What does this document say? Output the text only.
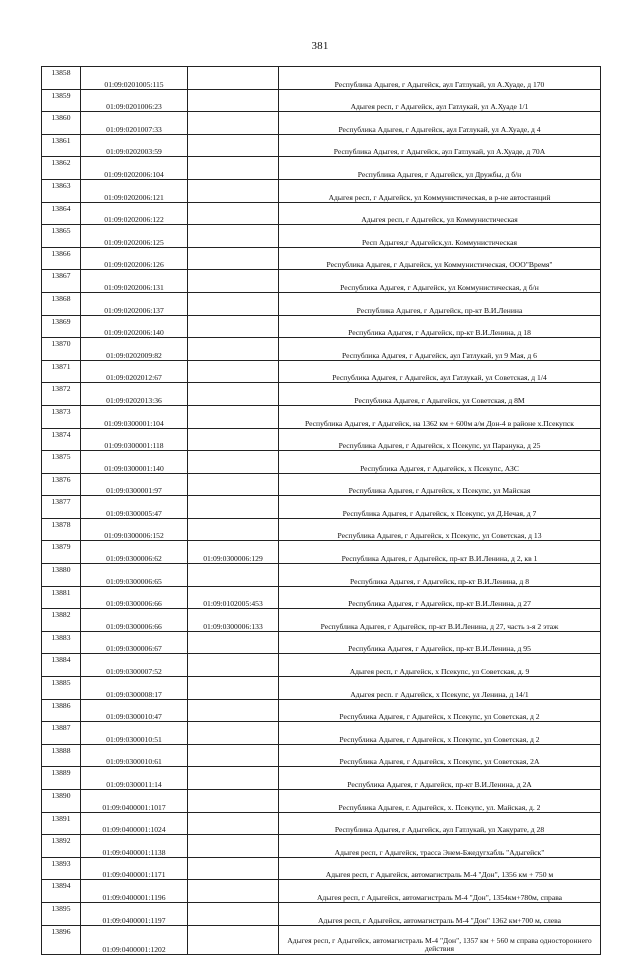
381
13858	01:09:0201005:115		Республика Адыгея, г Адыгейск, аул Гатлукай, ул А.Хуаде, д 170
13859	01:09:0201006:23		Адыгея респ, г Адыгейск, аул Гатлукай, ул А.Хуаде 1/1
13860	01:09:0201007:33		Республика Адыгея, г Адыгейск, аул Гатлукай, ул А.Хуаде, д 4
13861	01:09:0202003:59		Республика Адыгея, г Адыгейск, аул Гатлукай, ул А.Хуаде, д 70А
13862	01:09:0202006:104		Республика Адыгея, г Адыгейск, ул Дружбы, д б/н
13863	01:09:0202006:121		Адыгея респ, г Адыгейск, ул Коммунистическая, в р-не автостанций
13864	01:09:0202006:122		Адыгея респ, г Адыгейск, ул Коммунистическая
13865	01:09:0202006:125		Респ Адыгея,г Адыгейск,ул. Коммунистическая
13866	01:09:0202006:126		Республика Адыгея, г Адыгейск, ул Коммунистическая, ООО"Время"
13867	01:09:0202006:131		Республика Адыгея, г Адыгейск, ул Коммунистическая, д б/н
13868	01:09:0202006:137		Республика Адыгея, г Адыгейск, пр-кт В.И.Ленина
13869	01:09:0202006:140		Республика Адыгея, г Адыгейск, пр-кт В.И.Ленина, д 18
13870	01:09:0202009:82		Республика Адыгея, г Адыгейск, аул Гатлукай, ул 9 Мая, д 6
13871	01:09:0202012:67		Республика Адыгея, г Адыгейск, аул Гатлукай, ул Советская, д 1/4
13872	01:09:0202013:36		Республика Адыгея, г Адыгейск, ул Советская, д 8М
13873	01:09:0300001:104		Республика Адыгея, г Адыгейск, на 1362 км + 600м а/м Дон-4 в районе х.Псекупск
13874	01:09:0300001:118		Республика Адыгея, г Адыгейск, х Псекупс, ул Паранука, д 25
13875	01:09:0300001:140		Республика Адыгея, г Адыгейск, х Псекупс, АЗС
13876	01:09:0300001:97		Республика Адыгея, г Адыгейск, х Псекупс, ул Майская
13877	01:09:0300005:47		Республика Адыгея, г Адыгейск, х Псекупс, ул Д.Нечая, д 7
13878	01:09:0300006:152		Республика Адыгея, г Адыгейск, х Псекупс, ул Советская, д 13
13879	01:09:0300006:62	01:09:0300006:129	Республика Адыгея, г Адыгейск, пр-кт В.И.Ленина, д 2, кв 1
13880	01:09:0300006:65		Республика Адыгея, г Адыгейск, пр-кт В.И.Ленина, д 8
13881	01:09:0300006:66	01:09:0102005:453	Республика Адыгея, г Адыгейск, пр-кт В.И.Ленина, д 27
13882	01:09:0300006:66	01:09:0300006:133	Республика Адыгея, г Адыгейск, пр-кт В.И.Ленина, д 27, часть з-я 2 этаж
13883	01:09:0300006:67		Республика Адыгея, г Адыгейск, пр-кт В.И.Ленина, д 95
13884	01:09:0300007:52		Адыгея респ, г Адыгейск, х Псекупс, ул Советская, д. 9
13885	01:09:0300008:17		Адыгея респ. г Адыгейск, х Псекупс, ул Ленина, д 14/1
13886	01:09:0300010:47		Республика Адыгея, г Адыгейск, х Псекупс, ул Советская, д 2
13887	01:09:0300010:51		Республика Адыгея, г Адыгейск, х Псекупс, ул Советская, д 2
13888	01:09:0300010:61		Республика Адыгея, г Адыгейск, х Псекупс, ул Советская, 2А
13889	01:09:0300011:14		Республика Адыгея, г Адыгейск, пр-кт В.И.Ленина, д 2А
13890	01:09:0400001:1017		Республика Адыгея, г. Адыгейск, х. Псекупс, ул. Майская, д. 2
13891	01:09:0400001:1024		Республика Адыгея, г Адыгейск, аул Гатлукай, ул Хакурате, д 28
13892	01:09:0400001:1138		Адыгея респ, г Адыгейск, трасса Энем-Бжедугхабль "Адыгейск"
13893	01:09:0400001:1171		Адыгея респ, г Адыгейск, автомагистраль М-4 "Дон", 1356 км + 750 м
13894	01:09:0400001:1196		Адыгея респ, г Адыгейск, автомагистраль М-4 "Дон", 1354км+780м, справа
13895	01:09:0400001:1197		Адыгея респ, г Адыгейск, автомагистраль М-4 "Дон" 1362 км+700 м, слева
13896	01:09:0400001:1202		Адыгея респ, г Адыгейск, автомагистраль М-4 "Дон", 1357 км + 560 м справа одностороннего действия
